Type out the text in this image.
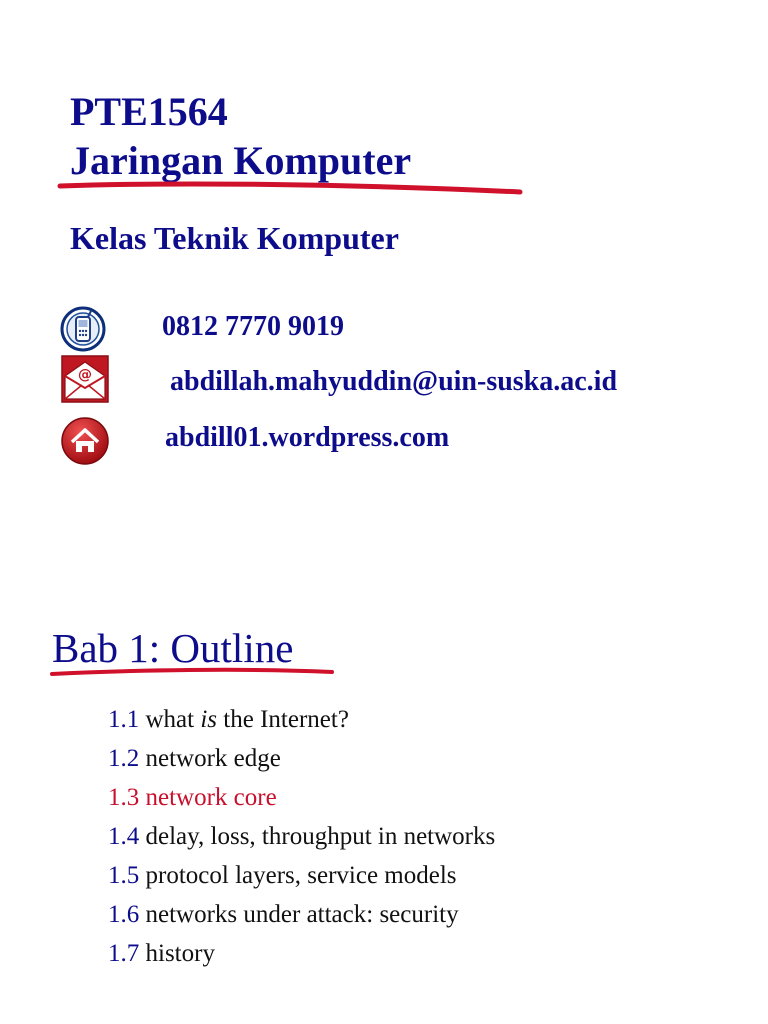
PTE1564
Jaringan Komputer
Kelas Teknik Komputer
0812 7770 9019
@	abdillah.mahyuddin@uin-suska.ac.id
abdill01.wordpress.com
Bab 1: Outline
1.1 what is the Internet?
1.2 network edge
1.3 network core
1.4 delay, loss, throughput in networks
1.5 protocol layers, service models
1.6 networks under attack: security
1.7 history
